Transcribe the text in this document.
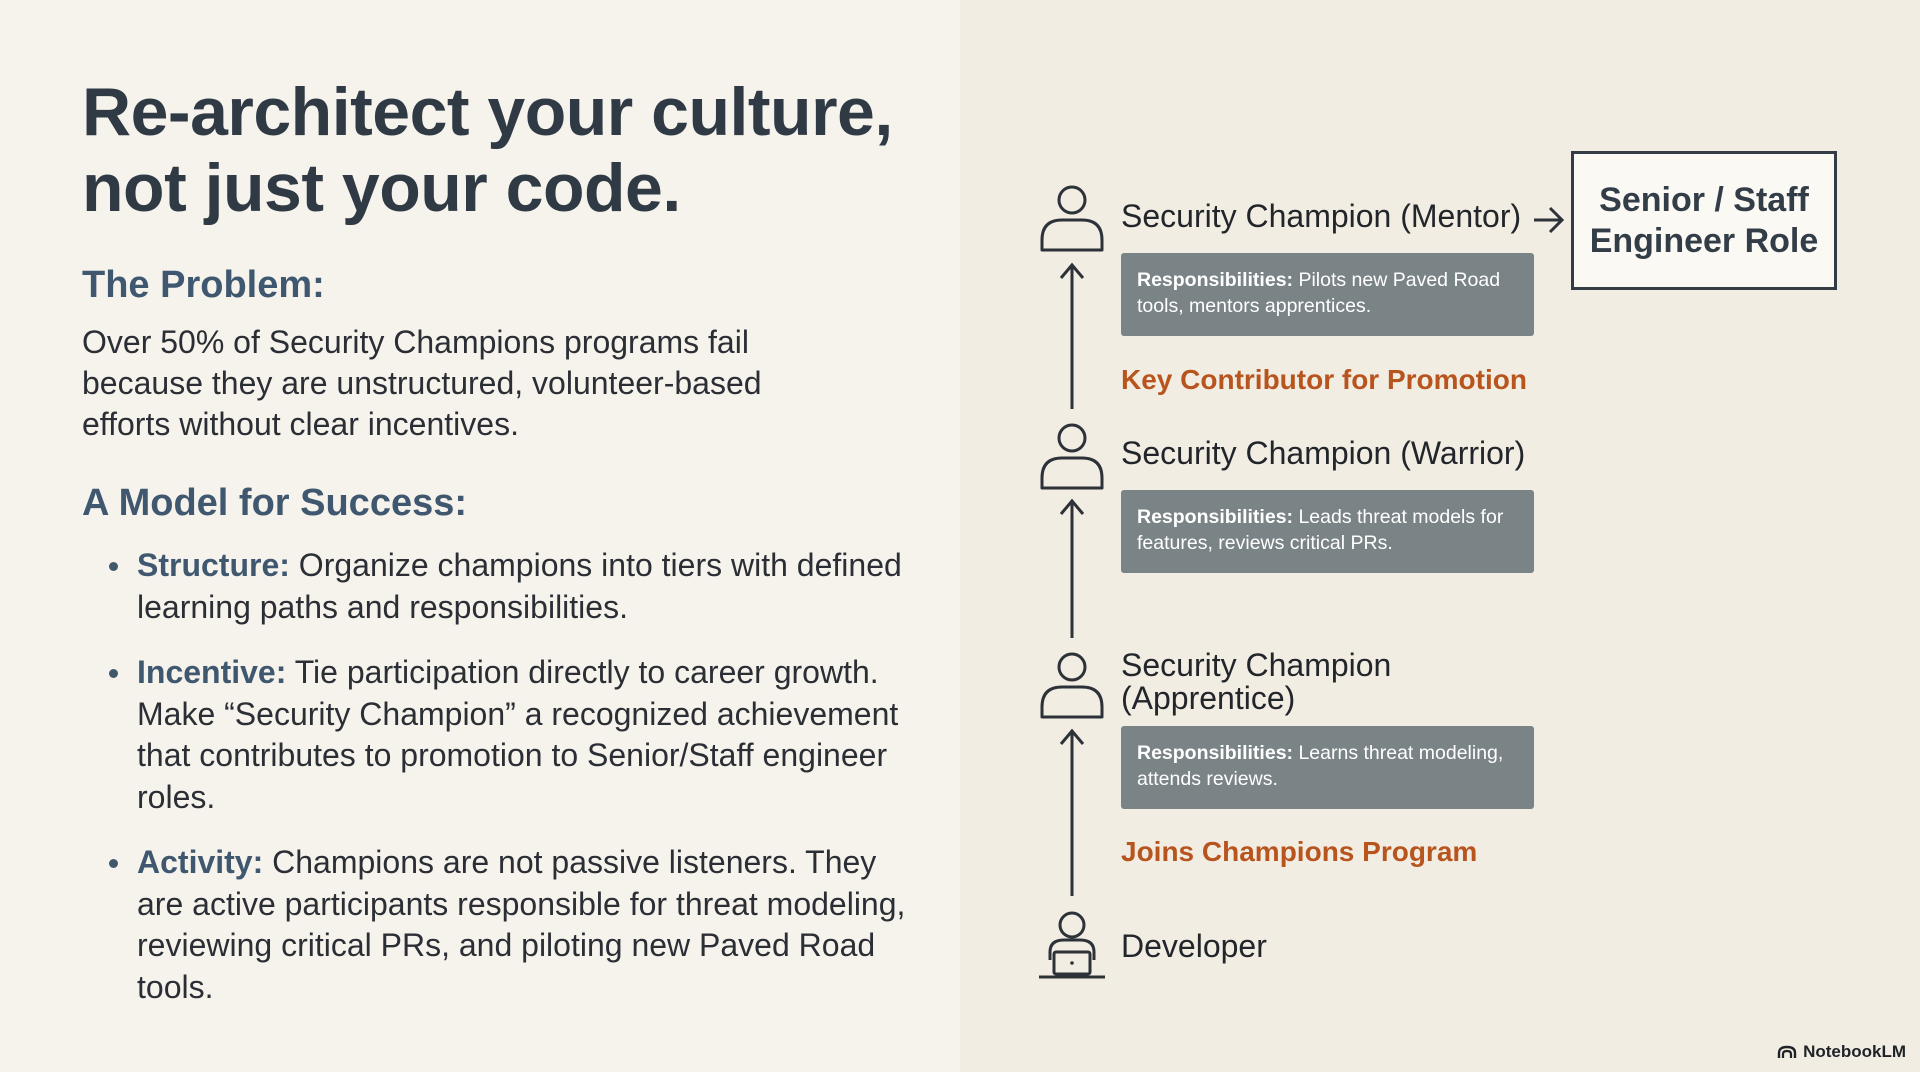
Re-architect your culture, not just your code.
The Problem:

Over 50% of Security Champions programs fail because they are unstructured, volunteer-based efforts without clear incentives.

A Model for Success:
Structure: Organize champions into tiers with defined learning paths and responsibilities.
Incentive: Tie participation directly to career growth. Make “Security Champion” a recognized achievement that contributes to promotion to Senior/Staff engineer roles.
Activity: Champions are not passive listeners. They are active participants responsible for threat modeling, reviewing critical PRs, and piloting new Paved Road tools.
Security Champion (Mentor)	Senior / Staff Engineer Role
Responsibilities: Pilots new Paved Road tools, mentors apprentices.
Key Contributor for Promotion
Security Champion (Warrior)
Responsibilities: Leads threat models for features, reviews critical PRs.
Security Champion (Apprentice)
Responsibilities: Learns threat modeling, attends reviews.
Joins Champions Program
Developer
NotebookLM
